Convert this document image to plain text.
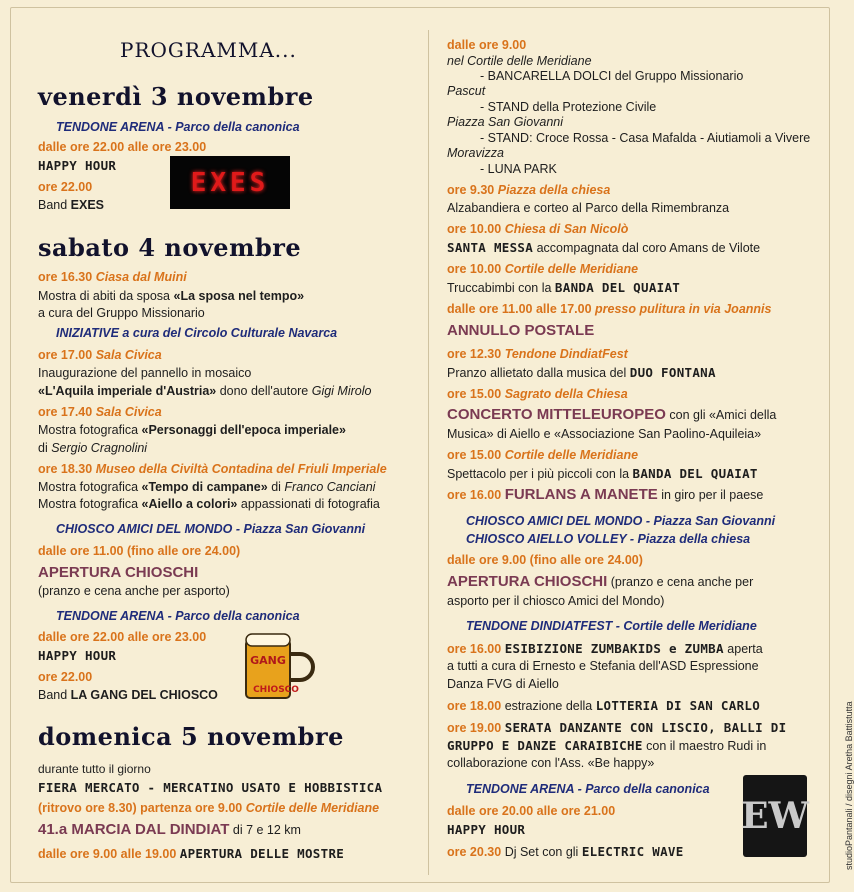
PROGRAMMA...
venerdì 3 novembre
TENDONE ARENA - Parco della canonica
dalle ore 22.00 alle ore 23.00
HAPPY HOUR
ore 22.00
Band EXES
EXES
sabato 4 novembre
ore 16.30 Ciasa dal Muini
Mostra di abiti da sposa «La sposa nel tempo»
a cura del Gruppo Missionario
INIZIATIVE a cura del Circolo Culturale Navarca
ore 17.00 Sala Civica
Inaugurazione del pannello in mosaico
«L'Aquila imperiale d'Austria» dono dell'autore Gigi Mirolo
ore 17.40 Sala Civica
Mostra fotografica «Personaggi dell'epoca imperiale»
di Sergio Cragnolini
ore 18.30 Museo della Civiltà Contadina del Friuli Imperiale
Mostra fotografica «Tempo di campane» di Franco Canciani
Mostra fotografica «Aiello a colori» appassionati di fotografia
CHIOSCO AMICI DEL MONDO - Piazza San Giovanni
dalle ore 11.00 (fino alle ore 24.00)
APERTURA CHIOSCHI
(pranzo e cena anche per asporto)
TENDONE ARENA - Parco della canonica
dalle ore 22.00 alle ore 23.00
HAPPY HOUR
ore 22.00
Band LA GANG DEL CHIOSCO
GANG
CHIOSCO
domenica 5 novembre
durante tutto il giorno
FIERA MERCATO - MERCATINO USATO E HOBBISTICA
(ritrovo ore 8.30) partenza ore 9.00 Cortile delle Meridiane
41.a MARCIA DAL DINDIAT di 7 e 12 km
dalle ore 9.00 alle 19.00 APERTURA DELLE MOSTRE
dalle ore 9.00
nel Cortile delle Meridiane
- BANCARELLA DOLCI del Gruppo Missionario
Pascut
- STAND della Protezione Civile
Piazza San Giovanni
- STAND: Croce Rossa - Casa Mafalda - Aiutiamoli a Vivere
Moravizza
- LUNA PARK
ore 9.30 Piazza della chiesa
Alzabandiera e corteo al Parco della Rimembranza
ore 10.00 Chiesa di San Nicolò
SANTA MESSA accompagnata dal coro Amans de Vilote
ore 10.00 Cortile delle Meridiane
Truccabimbi con la BANDA DEL QUAIAT
dalle ore 11.00 alle 17.00 presso pulitura in via Joannis
ANNULLO POSTALE
ore 12.30 Tendone DindiatFest
Pranzo allietato dalla musica del DUO FONTANA
ore 15.00 Sagrato della Chiesa
CONCERTO MITTELEUROPEO con gli «Amici della
Musica» di Aiello e «Associazione San Paolino-Aquileia»
ore 15.00 Cortile delle Meridiane
Spettacolo per i più piccoli con la BANDA DEL QUAIAT
ore 16.00 FURLANS A MANETE in giro per il paese
CHIOSCO AMICI DEL MONDO - Piazza San Giovanni
CHIOSCO AIELLO VOLLEY - Piazza della chiesa
dalle ore 9.00 (fino alle ore 24.00)
APERTURA CHIOSCHI (pranzo e cena anche per
asporto per il chiosco Amici del Mondo)
TENDONE DINDIATFEST - Cortile delle Meridiane
ore 16.00 ESIBIZIONE ZUMBAKIDS e ZUMBA aperta
a tutti a cura di Ernesto e Stefania dell'ASD Espressione
Danza FVG di Aiello
ore 18.00 estrazione della LOTTERIA DI SAN CARLO
ore 19.00 SERATA DANZANTE CON LISCIO, BALLI DI
GRUPPO E DANZE CARAIBICHE con il maestro Rudi in
collaborazione con l'Ass. «Be happy»
TENDONE ARENA - Parco della canonica
dalle ore 20.00 alle ore 21.00
HAPPY HOUR
ore 20.30 Dj Set con gli ELECTRIC WAVE
EW	studioPantanali / disegni Aretha Battistutta
